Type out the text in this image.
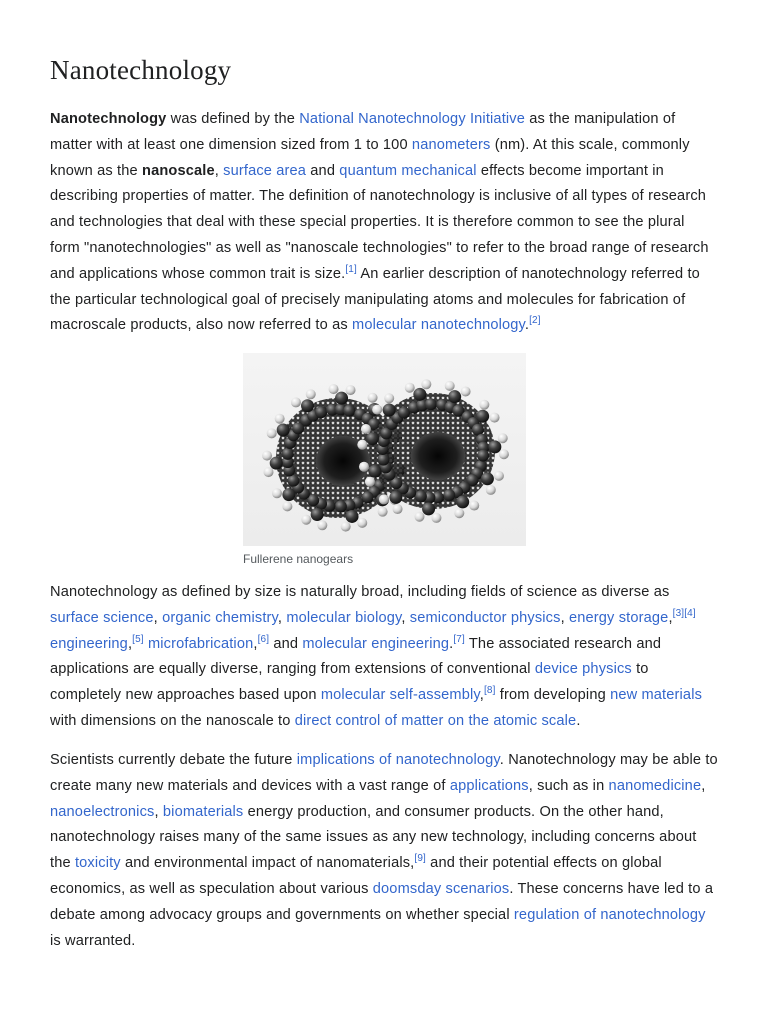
Nanotechnology

Nanotechnology was defined by the National Nanotechnology Initiative as the manipulation of matter with at least one dimension sized from 1 to 100 nanometers (nm). At this scale, commonly known as the nanoscale, surface area and quantum mechanical effects become important in describing properties of matter. The definition of nanotechnology is inclusive of all types of research and technologies that deal with these special properties. It is therefore common to see the plural form "nanotechnologies" as well as "nanoscale technologies" to refer to the broad range of research and applications whose common trait is size.[1] An earlier description of nanotechnology referred to the particular technological goal of precisely manipulating atoms and molecules for fabrication of macroscale products, also now referred to as molecular nanotechnology.[2]

Fullerene nanogears

Nanotechnology as defined by size is naturally broad, including fields of science as diverse as surface science, organic chemistry, molecular biology, semiconductor physics, energy storage,[3][4] engineering,[5] microfabrication,[6] and molecular engineering.[7] The associated research and applications are equally diverse, ranging from extensions of conventional device physics to completely new approaches based upon molecular self-assembly,[8] from developing new materials with dimensions on the nanoscale to direct control of matter on the atomic scale.

Scientists currently debate the future implications of nanotechnology. Nanotechnology may be able to create many new materials and devices with a vast range of applications, such as in nanomedicine, nanoelectronics, biomaterials energy production, and consumer products. On the other hand, nanotechnology raises many of the same issues as any new technology, including concerns about the toxicity and environmental impact of nanomaterials,[9] and their potential effects on global economics, as well as speculation about various doomsday scenarios. These concerns have led to a debate among advocacy groups and governments on whether special regulation of nanotechnology is warranted.
